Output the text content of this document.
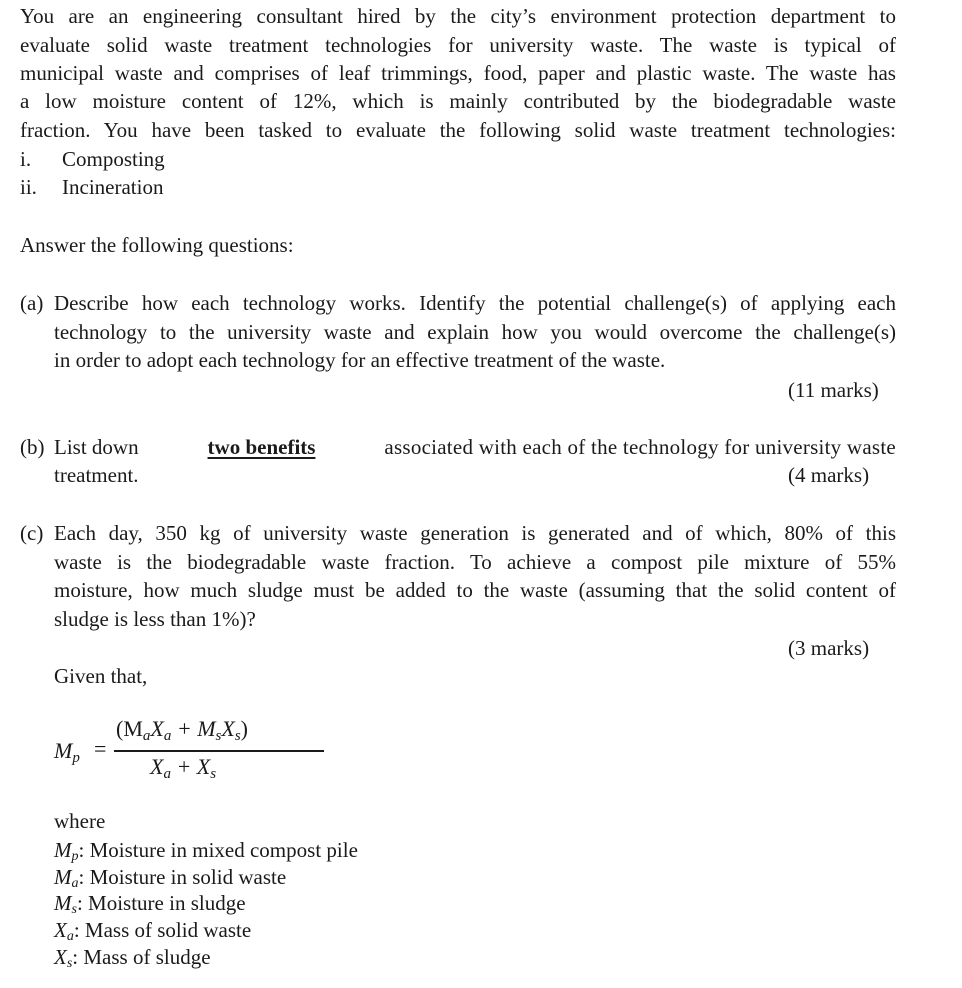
You are an engineering consultant hired by the city’s environment protection department to

evaluate solid waste treatment technologies for university waste. The waste is typical of

municipal waste and comprises of leaf trimmings, food, paper and plastic waste. The waste has

a low moisture content of 12%, which is mainly contributed by the biodegradable waste

fraction. You have been tasked to evaluate the following solid waste treatment technologies:

i. Composting
ii. Incineration
Answer the following questions:
(a) Describe how each technology works. Identify the potential challenge(s) of applying each
technology to the university waste and explain how you would overcome the challenge(s)
in order to adopt each technology for an effective treatment of the waste.
(11 marks)
(b) List down	two benefits	associated with each of the technology for university waste
treatment.	(4 marks)
(c) Each day, 350 kg of university waste generation is generated and of which, 80% of this
waste is the biodegradable waste fraction. To achieve a compost pile mixture of 55%
moisture, how much sludge must be added to the waste (assuming that the solid content of
sludge is less than 1%)?
(3 marks)
Given that,
$M_p$ =
$(M_aX_a + M_sX_s)$
$X_a + X_s$
where
$M_p$: Moisture in mixed compost pile
$M_a$: Moisture in solid waste
$M_s$: Moisture in sludge
$X_a$: Mass of solid waste
$X_s$: Mass of sludge
